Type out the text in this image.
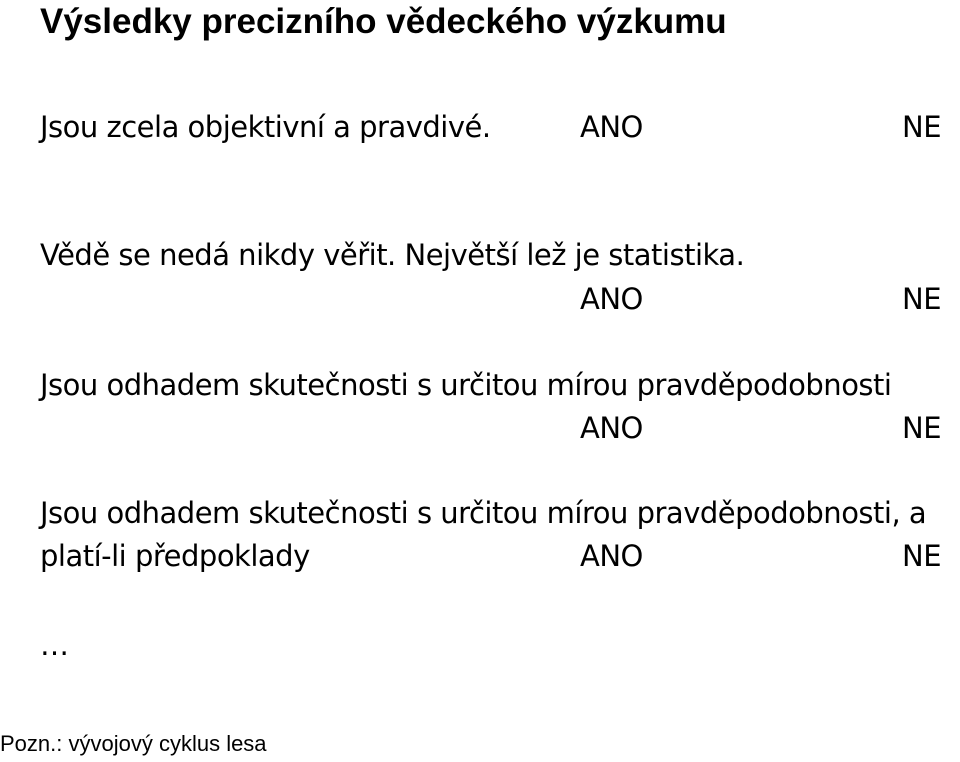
Výsledky precizního vědeckého výzkumu
Jsou zcela objektivní a pravdivé.	ANO	NE
Vědě se nedá nikdy věřit. Největší lež je statistika.
ANO	NE
Jsou odhadem skutečnosti s určitou mírou pravděpodobnosti
ANO	NE
Jsou odhadem skutečnosti s určitou mírou pravděpodobnosti, a
platí-li předpoklady	ANO	NE
…
Pozn.: vývojový cyklus lesa
